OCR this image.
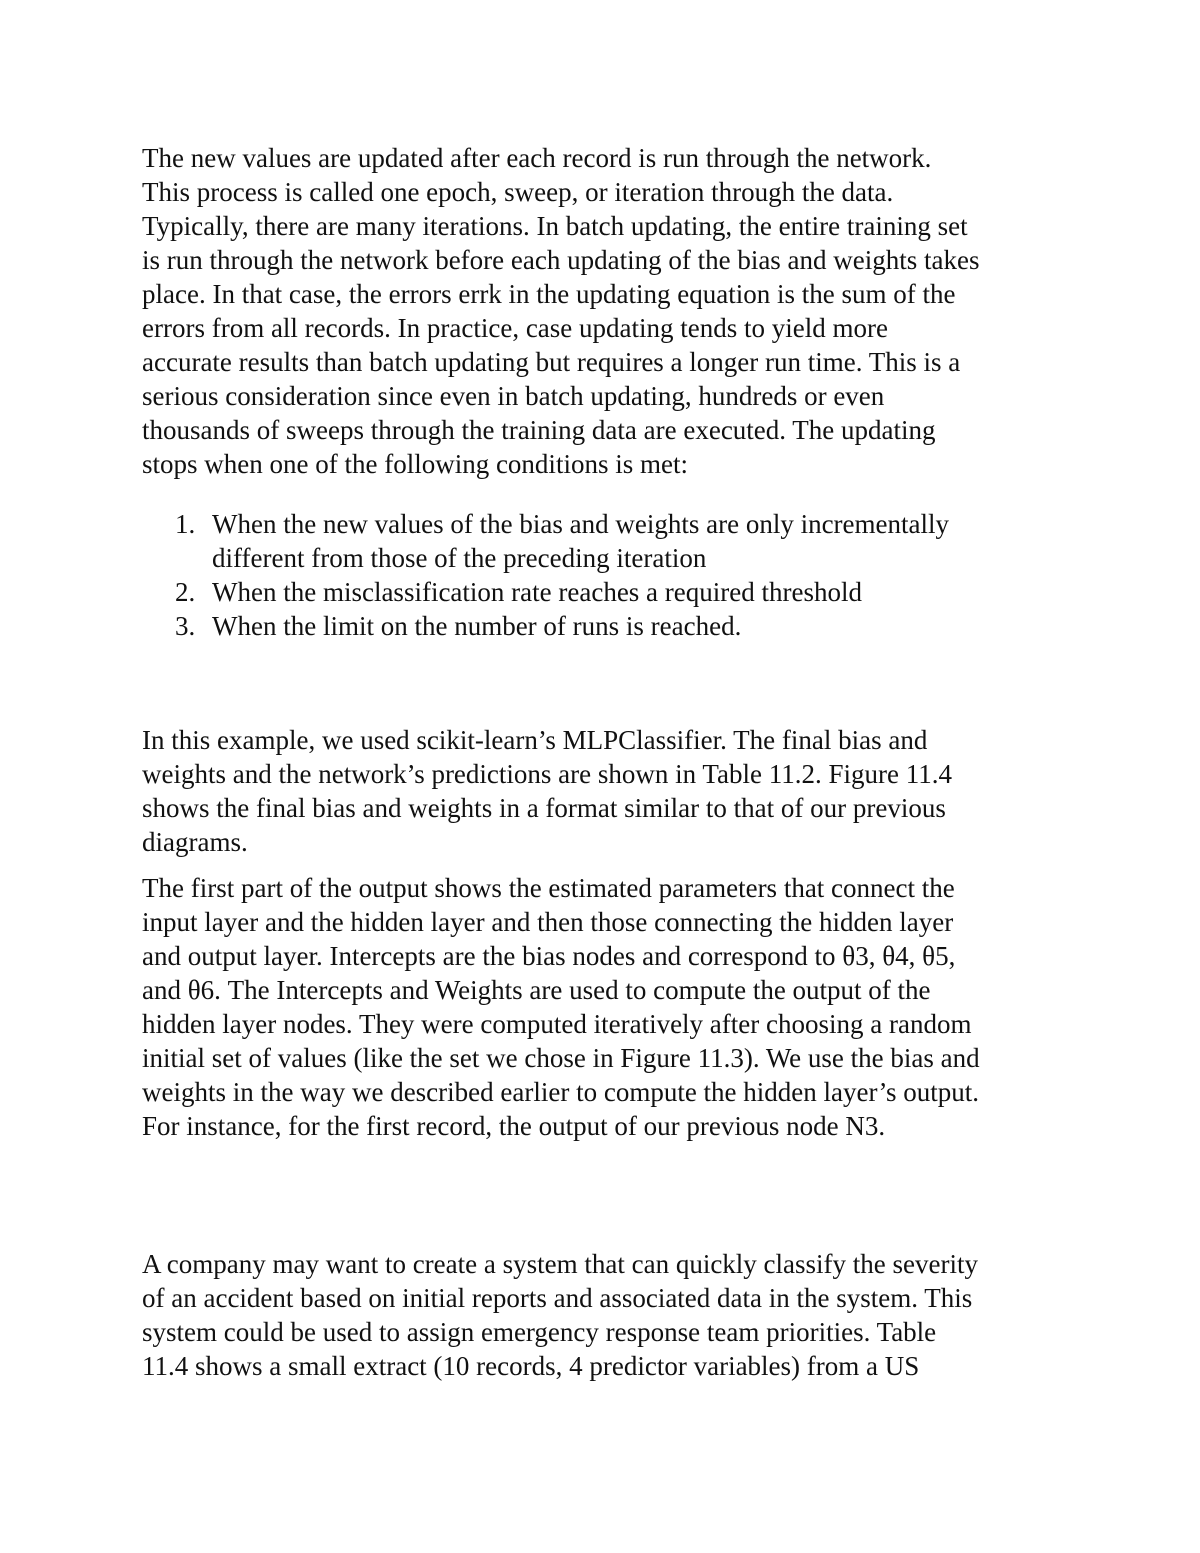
The new values are updated after each record is run through the network.
This process is called one epoch, sweep, or iteration through the data.
Typically, there are many iterations. In batch updating, the entire training set
is run through the network before each updating of the bias and weights takes
place. In that case, the errors errk in the updating equation is the sum of the
errors from all records. In practice, case updating tends to yield more
accurate results than batch updating but requires a longer run time. This is a
serious consideration since even in batch updating, hundreds or even
thousands of sweeps through the training data are executed. The updating
stops when one of the following conditions is met:

1. When the new values of the bias and weights are only incrementally
different from those of the preceding iteration
2. When the misclassification rate reaches a required threshold
3. When the limit on the number of runs is reached.

In this example, we used scikit-learn’s MLPClassifier. The final bias and
weights and the network’s predictions are shown in Table 11.2. Figure 11.4
shows the final bias and weights in a format similar to that of our previous
diagrams.

The first part of the output shows the estimated parameters that connect the
input layer and the hidden layer and then those connecting the hidden layer
and output layer. Intercepts are the bias nodes and correspond to θ3, θ4, θ5,
and θ6. The Intercepts and Weights are used to compute the output of the
hidden layer nodes. They were computed iteratively after choosing a random
initial set of values (like the set we chose in Figure 11.3). We use the bias and
weights in the way we described earlier to compute the hidden layer’s output.
For instance, for the first record, the output of our previous node N3.

A company may want to create a system that can quickly classify the severity
of an accident based on initial reports and associated data in the system. This
system could be used to assign emergency response team priorities. Table
11.4 shows a small extract (10 records, 4 predictor variables) from a US
